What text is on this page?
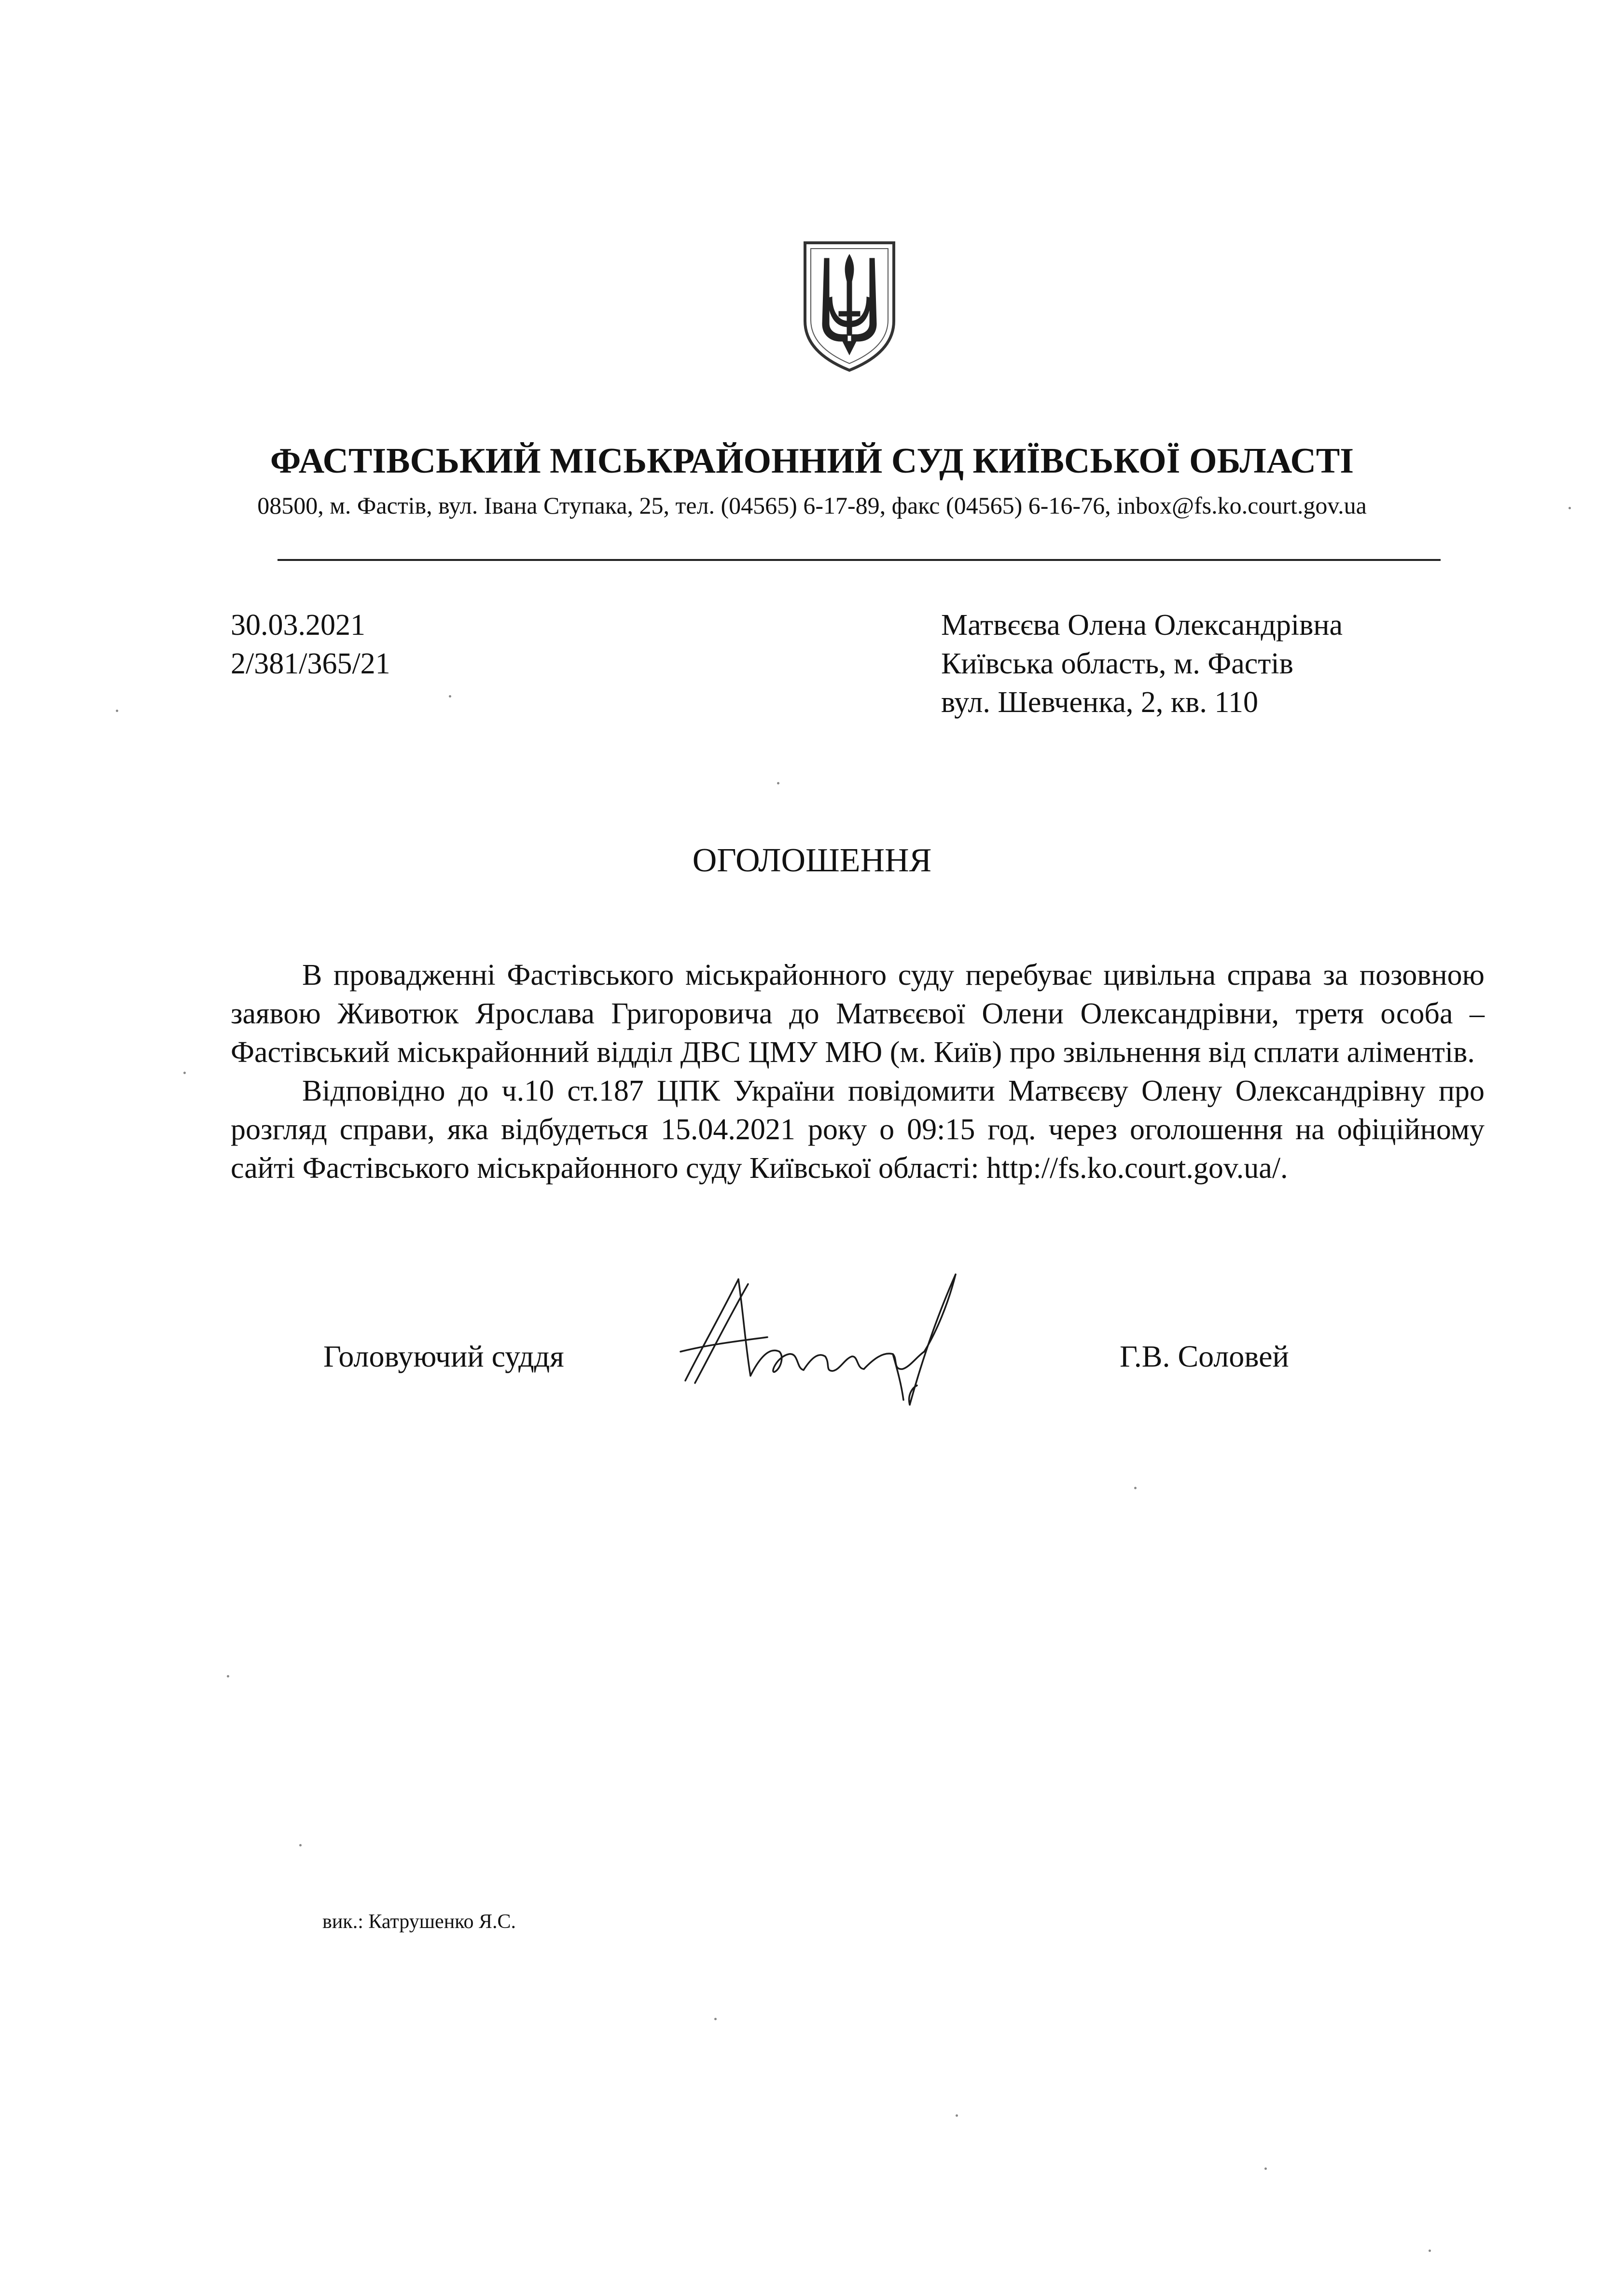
ФАСТІВСЬКИЙ МІСЬКРАЙОННИЙ СУД КИЇВСЬКОЇ ОБЛАСТІ
08500, м. Фастів, вул. Івана Ступака, 25, тел. (04565) 6-17-89, факс (04565) 6-16-76, inbox@fs.ko.court.gov.ua
30.03.2021
2/381/365/21
Матвєєва Олена Олександрівна
Київська область, м. Фастів
вул. Шевченка, 2, кв. 110
ОГОЛОШЕННЯ

В провадженні Фастівського міськрайонного суду перебуває цивільна справа за позовною заявою Животюк Ярослава Григоровича до Матвєєвої Олени Олександрівни, третя особа – Фастівський міськрайонний відділ ДВС ЦМУ МЮ (м. Київ) про звільнення від сплати аліментів.

Відповідно до ч.10 ст.187 ЦПК України повідомити Матвєєву Олену Олександрівну про розгляд справи, яка відбудеться 15.04.2021 року о 09:15 год. через оголошення на офіційному сайті Фастівського міськрайонного суду Київської області: http://fs.ko.court.gov.ua/.

Головуючий суддя	Г.В. Соловей
вик.: Катрушенко Я.С.
